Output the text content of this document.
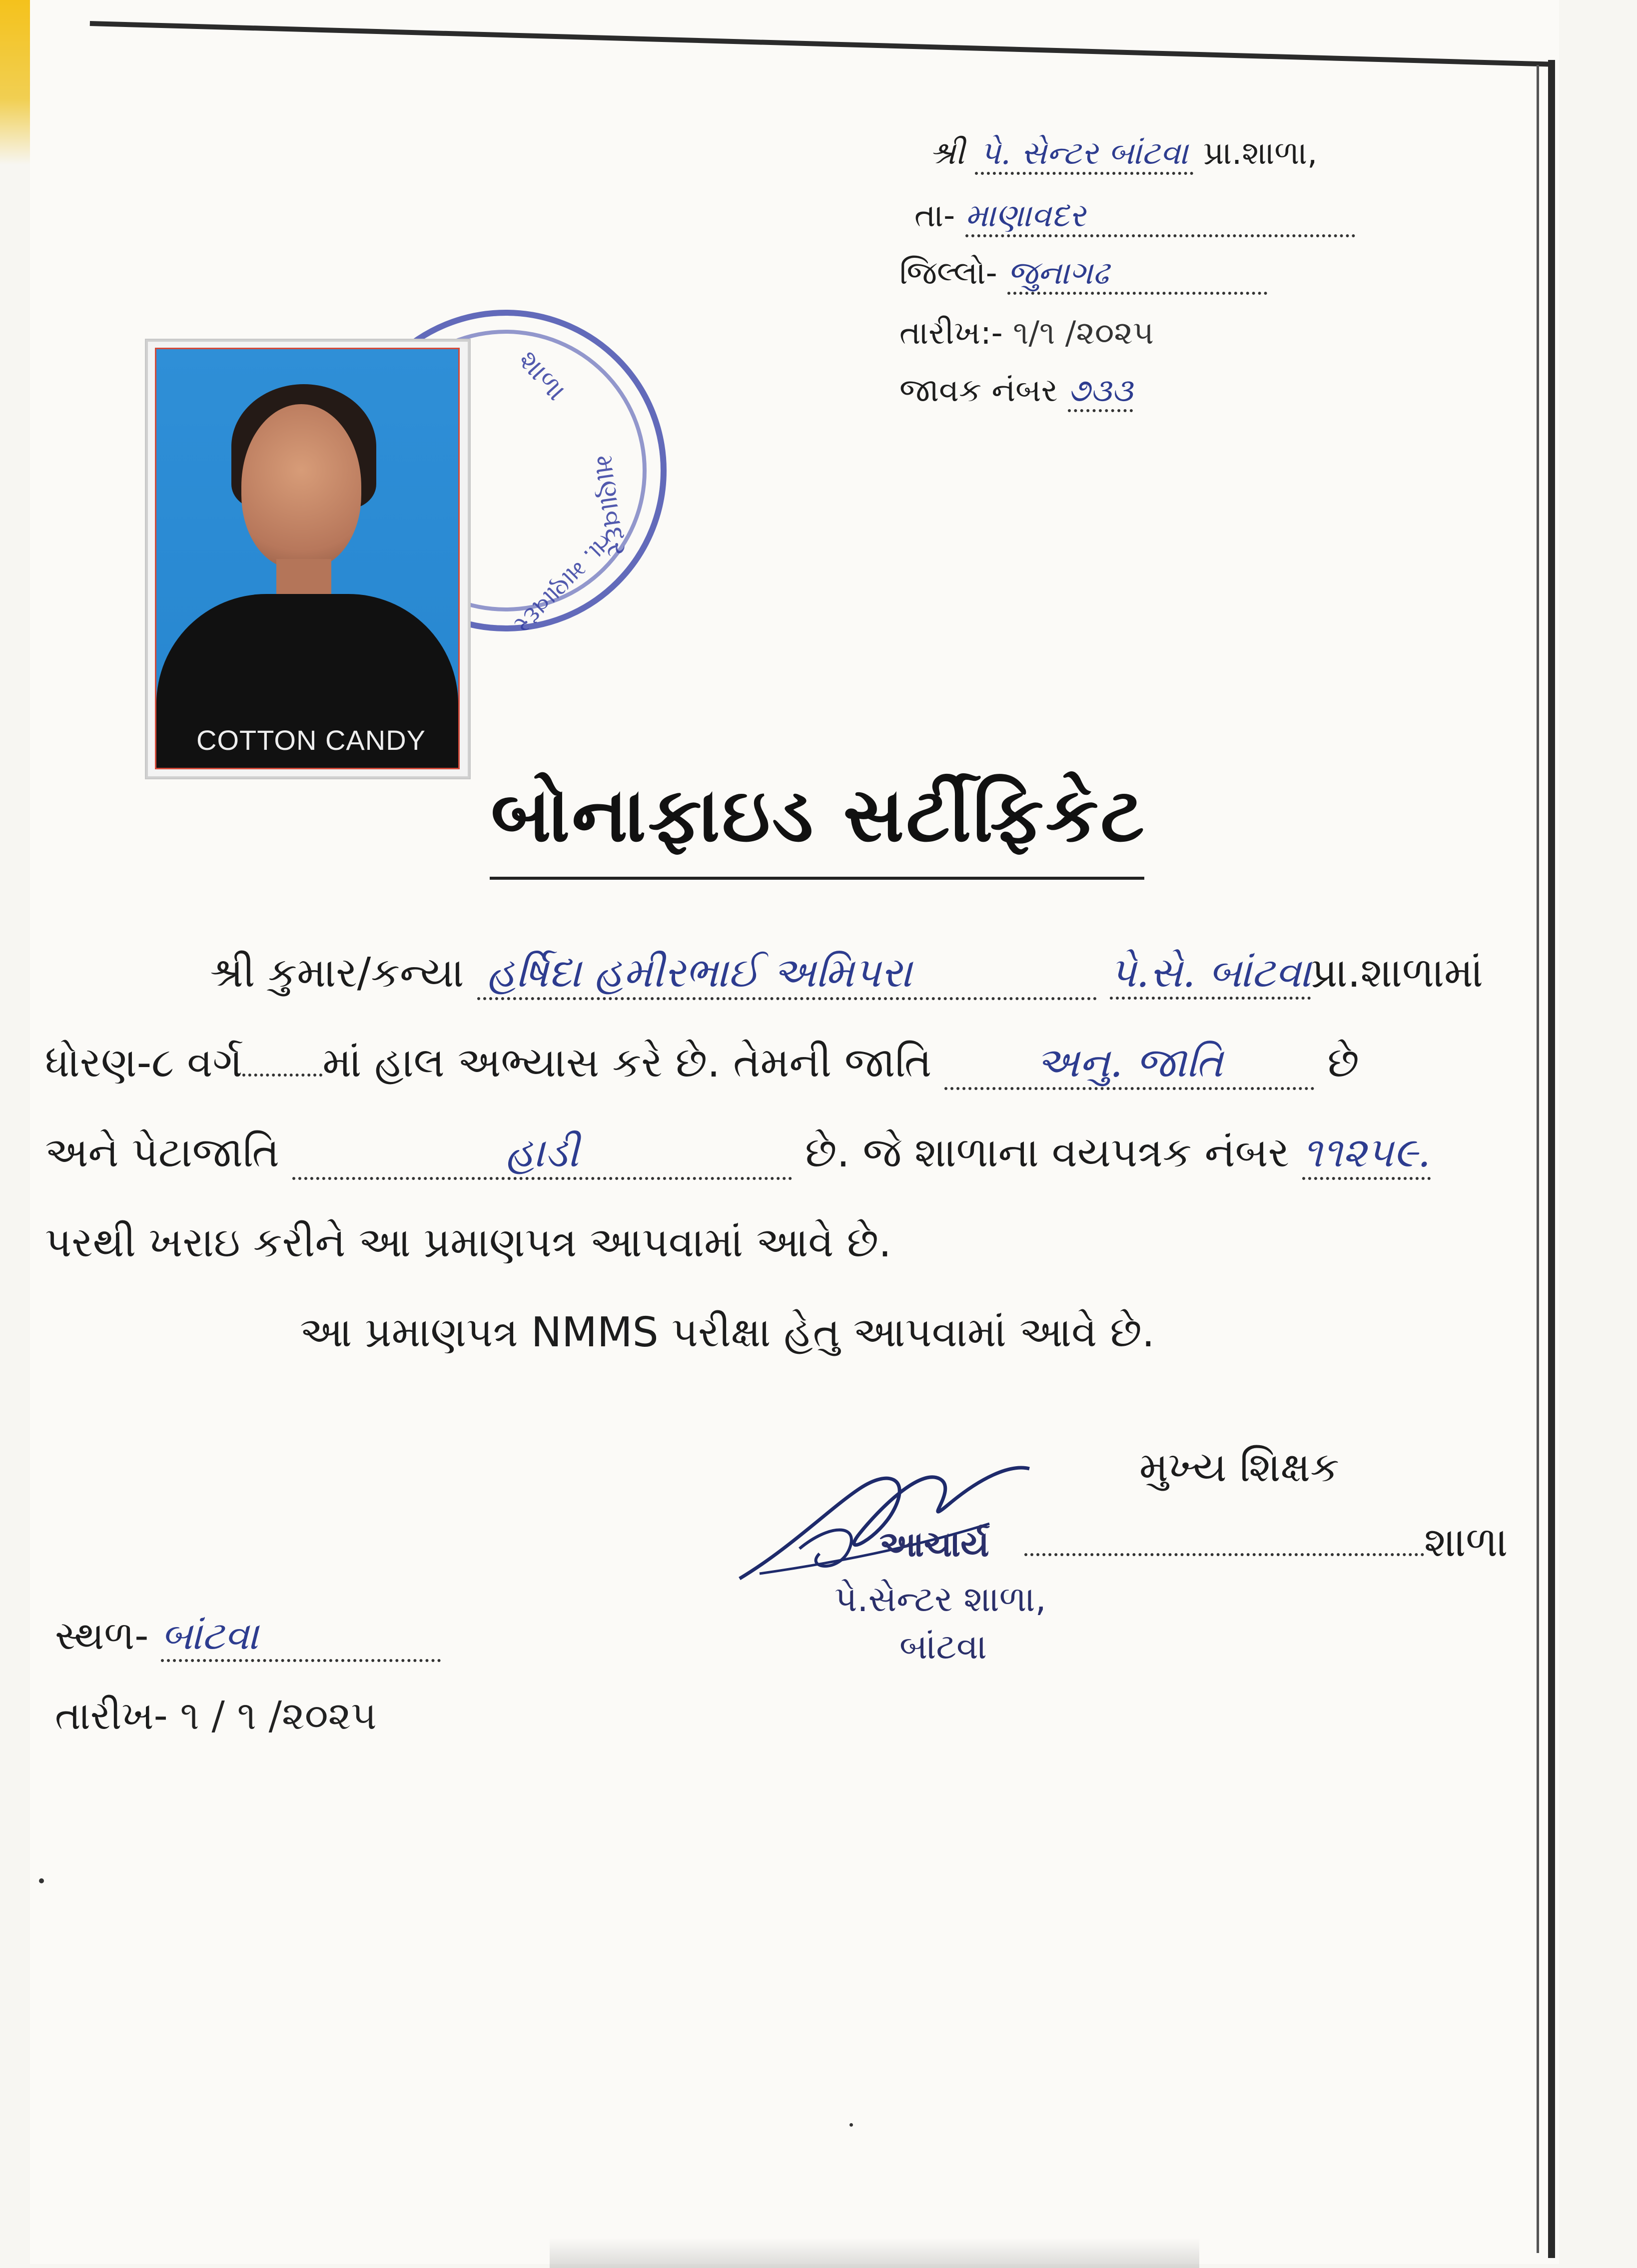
શ્રી પે. સેન્ટર બાંટવા પ્રા.શાળા,
તા- માણાવદર
જિલ્લો- જુનાગઢ
તારીખ:- ૧/૧ /૨૦૨૫
જાવક નંબર ૭૩૩
શાળા
માણાવદર
તા. માણાવદર
COTTON CANDY
બોનાફાઇડ સર્ટીફિકેટ
શ્રી કુમાર/કન્યા હર્ષિદા હમીરભાઈ અમિપરા	પે.સે. બાંટવાપ્રા.શાળામાં
ધોરણ-૮ વર્ગ માં હાલ અભ્યાસ કરે છે. તેમની જાતિ	અનુ. જાતિ	છે
અને પેટાજાતિ	હાડી	છે. જે શાળાના વયપત્રક નંબર ૧૧૨૫૯.
પરથી ખરાઇ કરીને આ પ્રમાણપત્ર આપવામાં આવે છે.
આ પ્રમાણપત્ર NMMS પરીક્ષા હેતુ આપવામાં આવે છે.
મુખ્ય શિક્ષક
શાળા
આચાર્ય
પે.સેન્ટર શાળા,
બાંટવા
સ્થળ- બાંટવા
તારીખ- ૧ / ૧ /૨૦૨૫
